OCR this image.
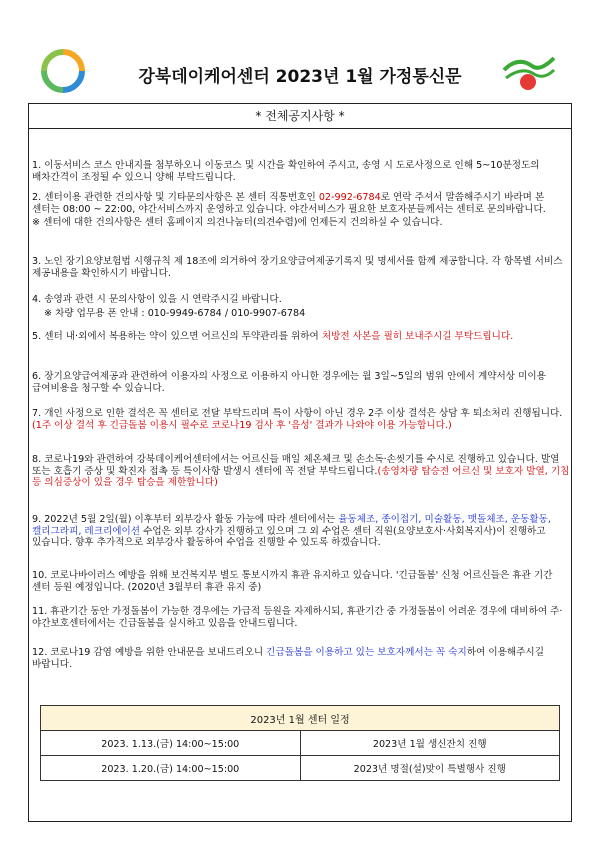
강북데이케어센터 2023년 1월 가정통신문
* 전체공지사항 *

1. 이동서비스 코스 안내지를 첨부하오니 이동코스 및 시간을 확인하여 주시고, 송영 시 도로사정으로 인해 5~10분정도의 배차간격이 조정될 수 있으니 양해 부탁드립니다.

2. 센터이용 관련한 건의사항 및 기타문의사항은 본 센터 직통번호인 02-992-6784로 연락 주셔서 말씀해주시기 바라며 본 센터는 08:00 ~ 22:00, 야간서비스까지 운영하고 있습니다. 야간서비스가 필요한 보호자분들께서는 센터로 문의바랍니다.

※ 센터에 대한 건의사항은 센터 홈페이지 의견나눔터(의견수렴)에 언제든지 건의하실 수 있습니다.

3. 노인 장기요양보험법 시행규칙 제 18조에 의거하여 장기요양급여제공기록지 및 명세서를 함께 제공합니다. 각 항목별 서비스 제공내용을 확인하시기 바랍니다.

4. 송영과 관련 시 문의사항이 있을 시 연락주시길 바랍니다.

※ 차량 업무용 폰 안내 : 010-9949-6784 / 010-9907-6784

5. 센터 내·외에서 복용하는 약이 있으면 어르신의 투약관리를 위하여 처방전 사본을 필히 보내주시길 부탁드립니다.

6. 장기요양급여제공과 관련하여 이용자의 사정으로 이용하지 아니한 경우에는 월 3일~5일의 범위 안에서 계약서상 미이용 급여비용을 청구할 수 있습니다.

7. 개인 사정으로 인한 결석은 꼭 센터로 전달 부탁드리며 특이 사항이 아닌 경우 2주 이상 결석은 상담 후 퇴소처리 진행됩니다. (1주 이상 결석 후 긴급돌봄 이용시 필수로 코로나19 검사 후 '음성' 결과가 나와야 이용 가능합니다.)

8. 코로나19와 관련하여 강북데이케어센터에서는 어르신들 매일 체온체크 및 손소독·손씻기를 수시로 진행하고 있습니다. 발열 또는 호흡기 증상 및 확진자 접촉 등 특이사항 발생시 센터에 꼭 전달 부탁드립니다.(송영차량 탑승전 어르신 및 보호자 발열, 기침 등 의심증상이 있을 경우 탑승을 제한합니다)

9. 2022년 5월 2일(월) 이후부터 외부강사 활동 가능에 따라 센터에서는 율동체조, 종이접기, 미술활동, 맷돌체조, 운동활동, 캘리그라피, 레크리에이션 수업은 외부 강사가 진행하고 있으며 그 외 수업은 센터 직원(요양보호사·사회복지사)이 진행하고 있습니다. 향후 추가적으로 외부강사 활동하여 수업을 진행할 수 있도록 하겠습니다.

10. 코로나바이러스 예방을 위해 보건복지부 별도 통보시까지 휴관 유지하고 있습니다. '긴급돌봄' 신청 어르신들은 휴관 기간 센터 등원 예정입니다. (2020년 3월부터 휴관 유지 중)

11. 휴관기간 동안 가정돌봄이 가능한 경우에는 가급적 등원을 자제하시되, 휴관기간 중 가정돌봄이 어려운 경우에 대비하여 주·야간보호센터에서는 긴급돌봄을 실시하고 있음을 안내드립니다.

12. 코로나19 감염 예방을 위한 안내문을 보내드리오니 긴급돌봄을 이용하고 있는 보호자께서는 꼭 숙지하여 이용해주시길 바랍니다.

2023년 1월 센터 일정	
2023. 1.13.(금) 14:00~15:00	2023년 1월 생신잔치 진행
2023. 1.20.(금) 14:00~15:00	2023년 명절(설)맞이 특별행사 진행
